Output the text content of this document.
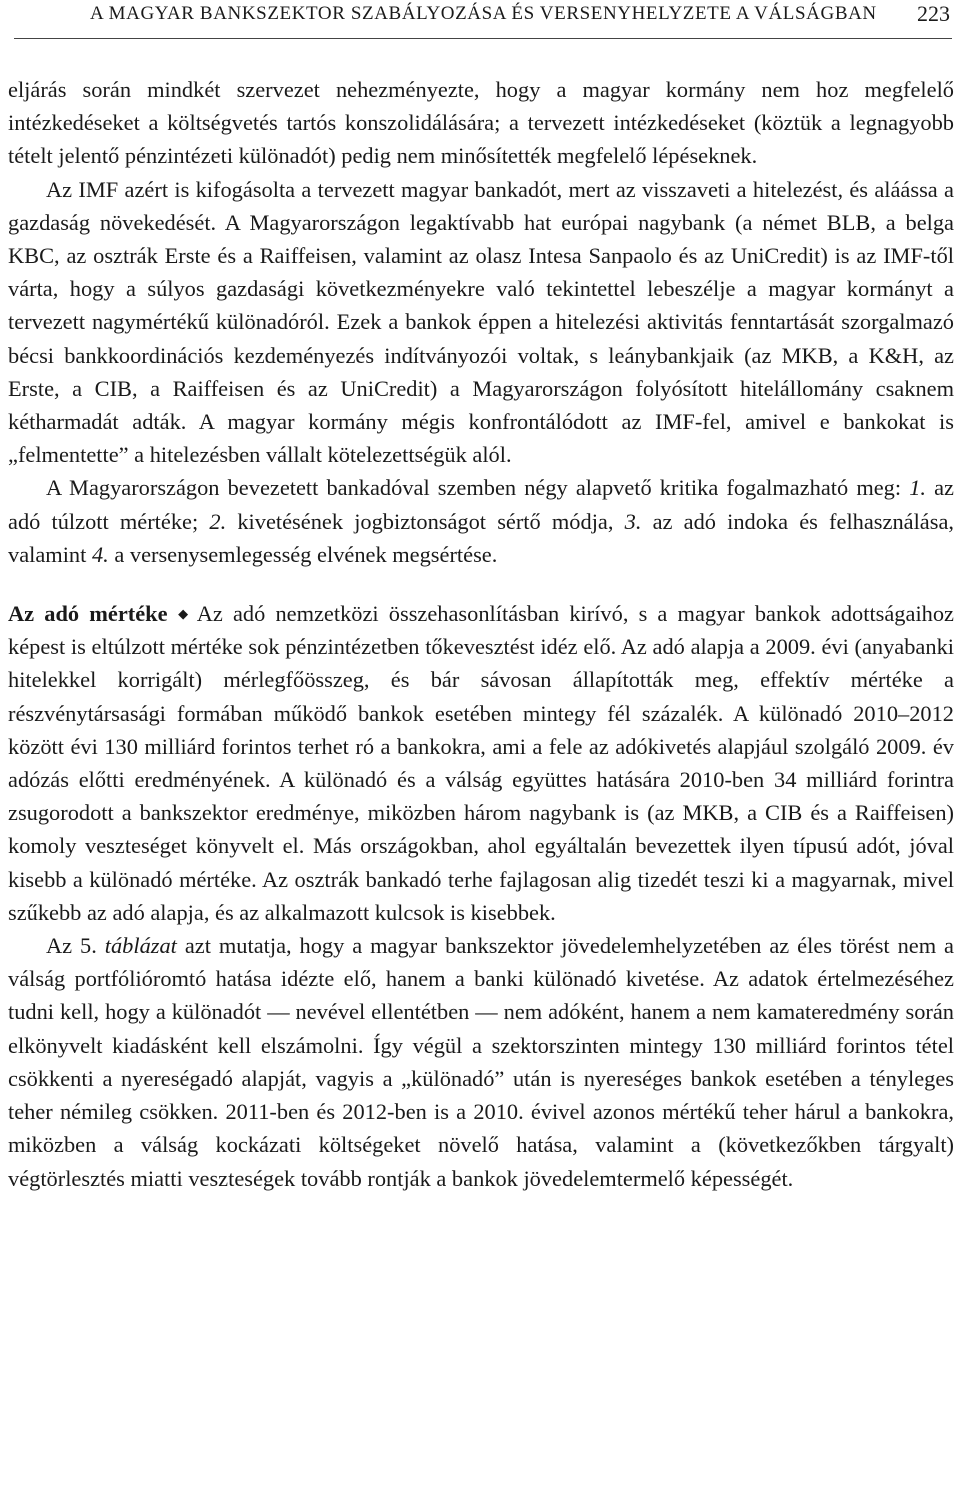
A MAGYAR BANKSZEKTOR SZABÁLYOZÁSA ÉS VERSENYHELYZETE A VÁLSÁGBAN 223

eljárás során mindkét szervezet nehezményezte, hogy a magyar kormány nem hoz megfelelő intézkedéseket a költségvetés tartós konszolidálására; a tervezett intézkedéseket (köztük a legnagyobb tételt jelentő pénzintézeti különadót) pedig nem minősítették megfelelő lépéseknek.

Az IMF azért is kifogásolta a tervezett magyar bankadót, mert az visszaveti a hitelezést, és aláássa a gazdaság növekedését. A Magyarországon legaktívabb hat európai nagybank (a német BLB, a belga KBC, az osztrák Erste és a Raiffeisen, valamint az olasz Intesa Sanpaolo és az UniCredit) is az IMF-től várta, hogy a súlyos gazdasági következményekre való tekintettel lebeszélje a magyar kormányt a tervezett nagymértékű különadóról. Ezek a bankok éppen a hitelezési aktivitás fenntartását szorgalmazó bécsi bankkoordinációs kezdeményezés indítványozói voltak, s leánybankjaik (az MKB, a K&H, az Erste, a CIB, a Raiffeisen és az UniCredit) a Magyarországon folyósított hitelállomány csaknem kétharmadát adták. A magyar kormány mégis konfrontálódott az IMF-fel, amivel e bankokat is „felmentette” a hitelezésben vállalt kötelezettségük alól.

A Magyarországon bevezetett bankadóval szemben négy alapvető kritika fogalmazható meg: 1. az adó túlzott mértéke; 2. kivetésének jogbiztonságot sértő módja, 3. az adó indoka és felhasználása, valamint 4. a versenysemlegesség elvének megsértése.

Az adó mértéke ◆ Az adó nemzetközi összehasonlításban kirívó, s a magyar bankok adottságaihoz képest is eltúlzott mértéke sok pénzintézetben tőkevesztést idéz elő. Az adó alapja a 2009. évi (anyabanki hitelekkel korrigált) mérlegfőösszeg, és bár sávosan állapították meg, effektív mértéke a részvénytársasági formában működő bankok esetében mintegy fél százalék. A különadó 2010–2012 között évi 130 milliárd forintos terhet ró a bankokra, ami a fele az adókivetés alapjául szolgáló 2009. év adózás előtti eredményének. A különadó és a válság együttes hatására 2010-ben 34 milliárd forintra zsugorodott a bankszektor eredménye, miközben három nagybank is (az MKB, a CIB és a Raiffeisen) komoly veszteséget könyvelt el. Más országokban, ahol egyáltalán bevezettek ilyen típusú adót, jóval kisebb a különadó mértéke. Az osztrák bankadó terhe fajlagosan alig tizedét teszi ki a magyarnak, mivel szűkebb az adó alapja, és az alkalmazott kulcsok is kisebbek.

Az 5. táblázat azt mutatja, hogy a magyar bankszektor jövedelemhelyzetében az éles törést nem a válság portfólióromtó hatása idézte elő, hanem a banki különadó kivetése. Az adatok értelmezéséhez tudni kell, hogy a különadót — nevével ellentétben — nem adóként, hanem a nem kamateredmény során elkönyvelt kiadásként kell elszámolni. Így végül a szektorszinten mintegy 130 milliárd forintos tétel csökkenti a nyereségadó alapját, vagyis a „különadó” után is nyereséges bankok esetében a tényleges teher némileg csökken. 2011-ben és 2012-ben is a 2010. évivel azonos mértékű teher hárul a bankokra, miközben a válság kockázati költségeket növelő hatása, valamint a (következőkben tárgyalt) végtörlesztés miatti veszteségek tovább rontják a bankok jövedelemtermelő képességét.
